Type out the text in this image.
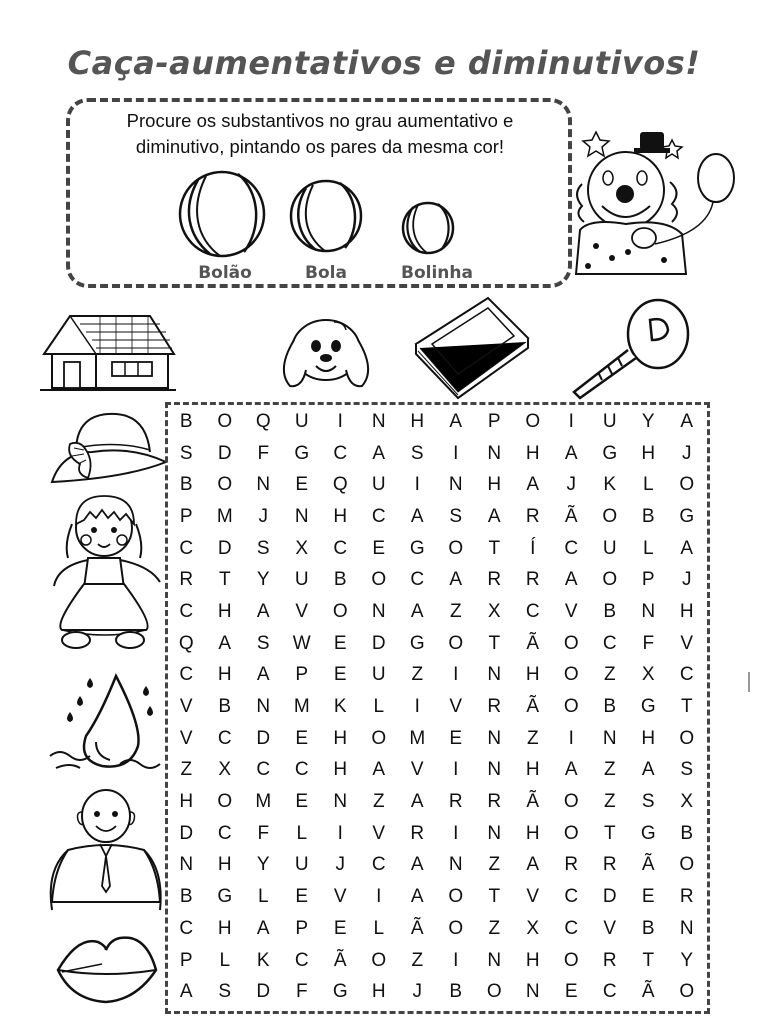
Caça-aumentativos e diminutivos!
Procure os substantivos no grau aumentativo e
diminutivo, pintando os pares da mesma cor!
Bolão	Bola	Bolinha
B	O	Q	U	I	N	H	A	P	O	I	U	Y	A
S	D	F	G	C	A	S	I	N	H	A	G	H	J
B	O	N	E	Q	U	I	N	H	A	J	K	L	O
P	M	J	N	H	C	A	S	A	R	Ã	O	B	G
C	D	S	X	C	E	G	O	T	Í	C	U	L	A
R	T	Y	U	B	O	C	A	R	R	A	O	P	J
C	H	A	V	O	N	A	Z	X	C	V	B	N	H
Q	A	S	W	E	D	G	O	T	Ã	O	C	F	V
C	H	A	P	E	U	Z	I	N	H	O	Z	X	C
V	B	N	M	K	L	I	V	R	Ã	O	B	G	T
V	C	D	E	H	O	M	E	N	Z	I	N	H	O
Z	X	C	C	H	A	V	I	N	H	A	Z	A	S
H	O	M	E	N	Z	A	R	R	Ã	O	Z	S	X
D	C	F	L	I	V	R	I	N	H	O	T	G	B
N	H	Y	U	J	C	A	N	Z	A	R	R	Ã	O
B	G	L	E	V	I	A	O	T	V	C	D	E	R
C	H	A	P	E	L	Ã	O	Z	X	C	V	B	N
P	L	K	C	Ã	O	Z	I	N	H	O	R	T	Y
A	S	D	F	G	H	J	B	O	N	E	C	Ã	O
